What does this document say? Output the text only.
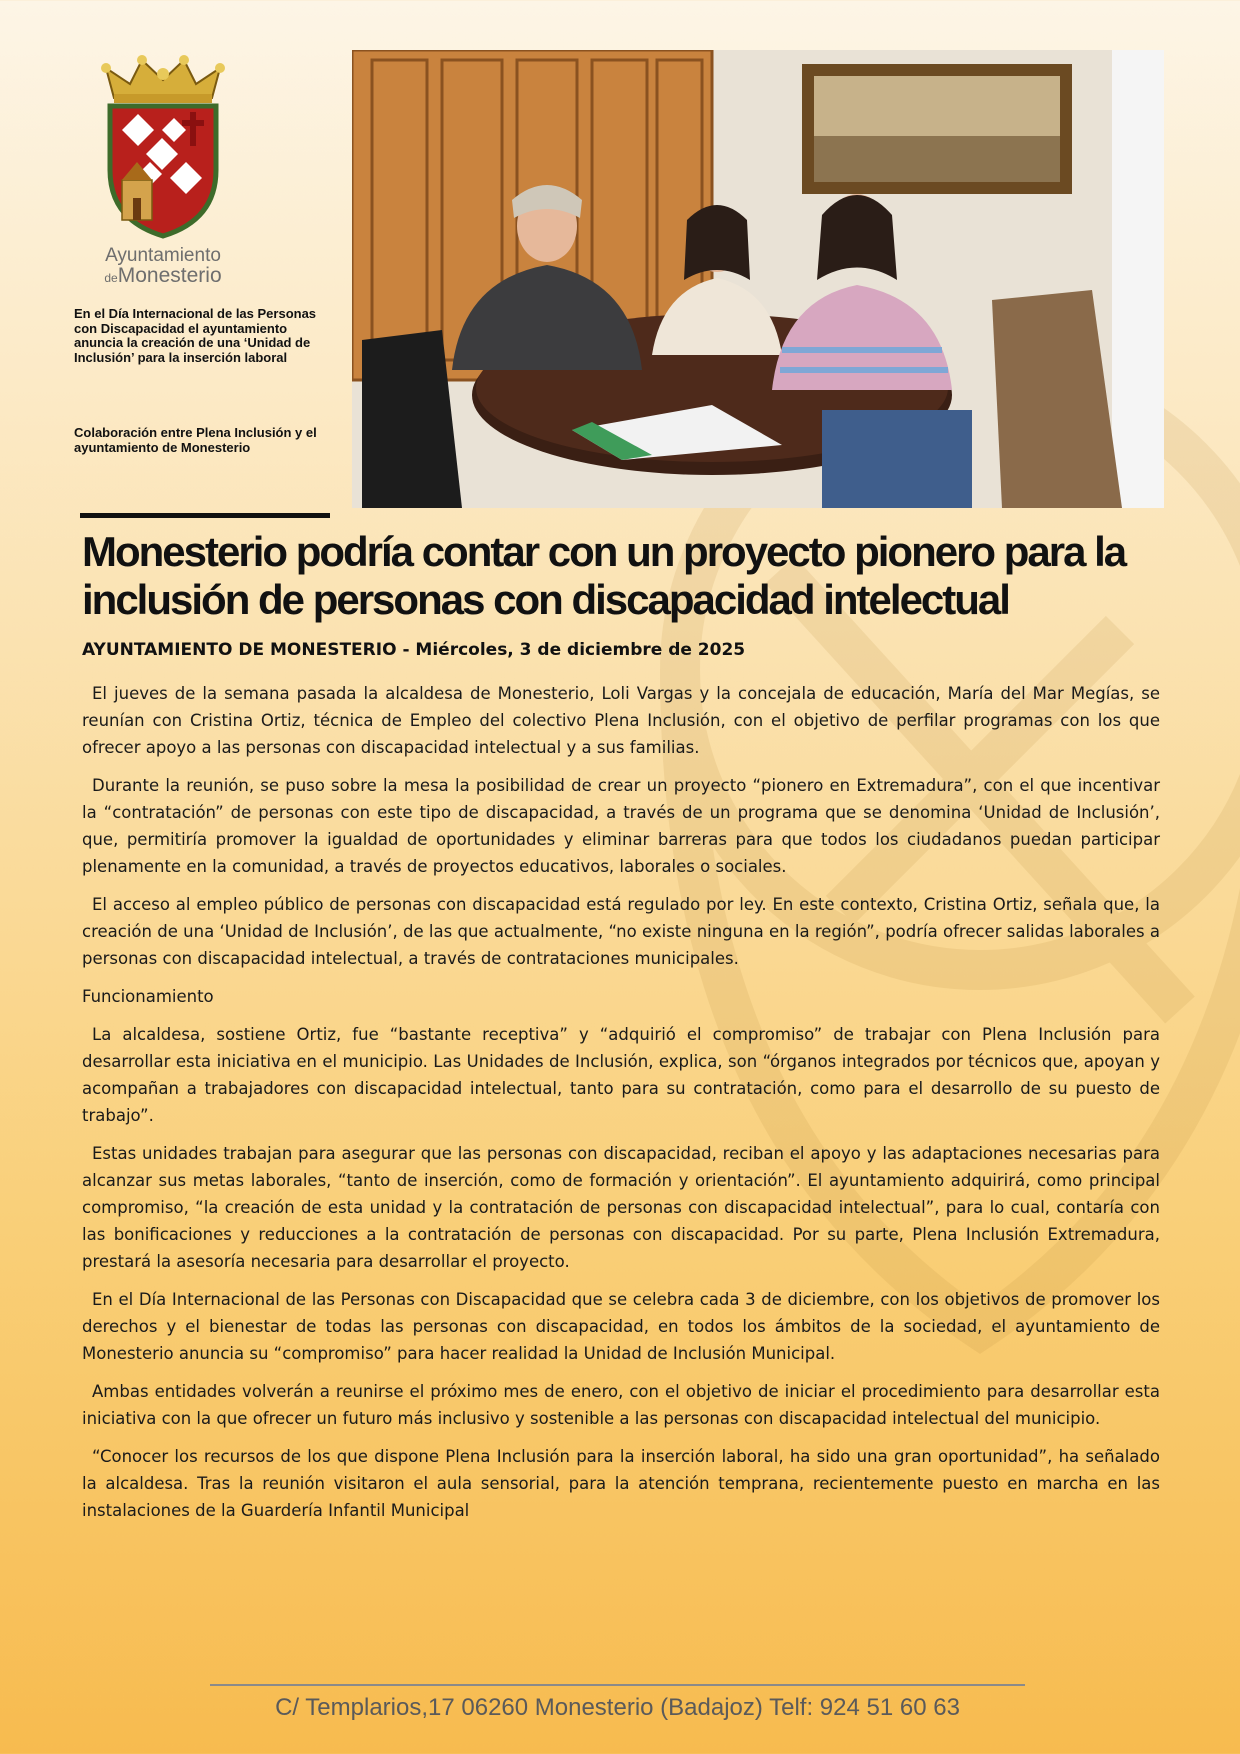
Ayuntamiento
deMonesterio

En el Día Internacional de las Personas con Discapacidad el ayuntamiento anuncia la creación de una ‘Unidad de Inclusión’ para la inserción laboral

Colaboración entre Plena Inclusión y el ayuntamiento de Monesterio

Monesterio podría contar con un proyecto pionero para la inclusión de personas con discapacidad intelectual

AYUNTAMIENTO DE MONESTERIO - Miércoles, 3 de diciembre de 2025

El jueves de la semana pasada la alcaldesa de Monesterio, Loli Vargas y la concejala de educación, María del Mar Megías, se reunían con Cristina Ortiz, técnica de Empleo del colectivo Plena Inclusión, con el objetivo de perfilar programas con los que ofrecer apoyo a las personas con discapacidad intelectual y a sus familias.

Durante la reunión, se puso sobre la mesa la posibilidad de crear un proyecto “pionero en Extremadura”, con el que incentivar la “contratación” de personas con este tipo de discapacidad, a través de un programa que se denomina ‘Unidad de Inclusión’, que, permitiría promover la igualdad de oportunidades y eliminar barreras para que todos los ciudadanos puedan participar plenamente en la comunidad, a través de proyectos educativos, laborales o sociales.

El acceso al empleo público de personas con discapacidad está regulado por ley. En este contexto, Cristina Ortiz, señala que, la creación de una ‘Unidad de Inclusión’, de las que actualmente, “no existe ninguna en la región”, podría ofrecer salidas laborales a personas con discapacidad intelectual, a través de contrataciones municipales.

Funcionamiento

La alcaldesa, sostiene Ortiz, fue “bastante receptiva” y “adquirió el compromiso” de trabajar con Plena Inclusión para desarrollar esta iniciativa en el municipio. Las Unidades de Inclusión, explica, son “órganos integrados por técnicos que, apoyan y acompañan a trabajadores con discapacidad intelectual, tanto para su contratación, como para el desarrollo de su puesto de trabajo”.

Estas unidades trabajan para asegurar que las personas con discapacidad, reciban el apoyo y las adaptaciones necesarias para alcanzar sus metas laborales, “tanto de inserción, como de formación y orientación”. El ayuntamiento adquirirá, como principal compromiso, “la creación de esta unidad y la contratación de personas con discapacidad intelectual”, para lo cual, contaría con las bonificaciones y reducciones a la contratación de personas con discapacidad. Por su parte, Plena Inclusión Extremadura, prestará la asesoría necesaria para desarrollar el proyecto.

En el Día Internacional de las Personas con Discapacidad que se celebra cada 3 de diciembre, con los objetivos de promover los derechos y el bienestar de todas las personas con discapacidad, en todos los ámbitos de la sociedad, el ayuntamiento de Monesterio anuncia su “compromiso” para hacer realidad la Unidad de Inclusión Municipal.

Ambas entidades volverán a reunirse el próximo mes de enero, con el objetivo de iniciar el procedimiento para desarrollar esta iniciativa con la que ofrecer un futuro más inclusivo y sostenible a las personas con discapacidad intelectual del municipio.

“Conocer los recursos de los que dispone Plena Inclusión para la inserción laboral, ha sido una gran oportunidad”, ha señalado la alcaldesa. Tras la reunión visitaron el aula sensorial, para la atención temprana, recientemente puesto en marcha en las instalaciones de la Guardería Infantil Municipal

C/ Templarios,17 06260 Monesterio (Badajoz) Telf: 924 51 60 63
